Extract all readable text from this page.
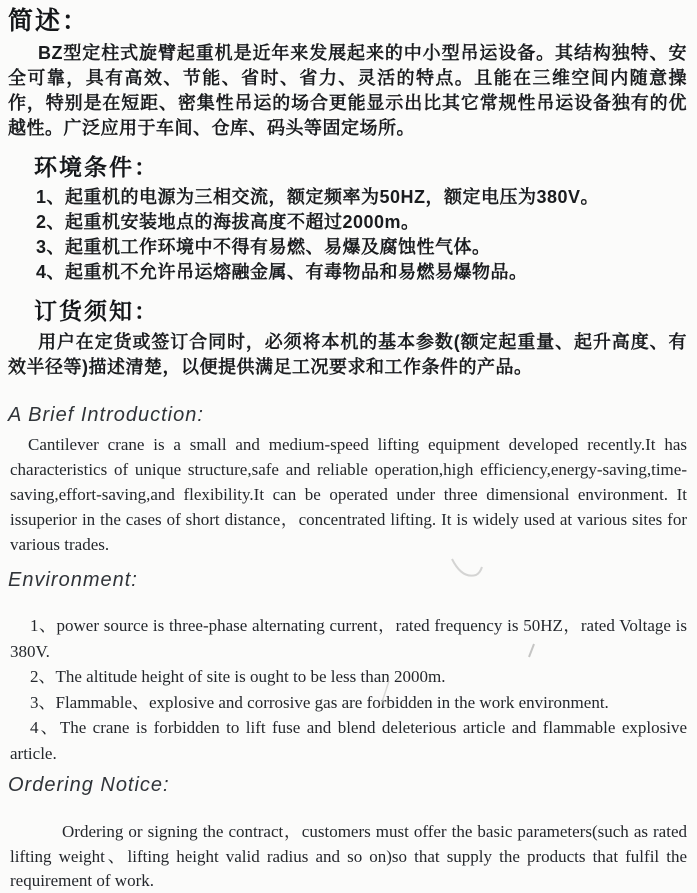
简述：

BZ型定柱式旋臂起重机是近年来发展起来的中小型吊运设备。其结构独特、安全可靠，具有高效、节能、省时、省力、灵活的特点。且能在三维空间内随意操作，特别是在短距、密集性吊运的场合更能显示出比其它常规性吊运设备独有的优越性。广泛应用于车间、仓库、码头等固定场所。

环境条件：

1、起重机的电源为三相交流，额定频率为50HZ，额定电压为380V。

2、起重机安装地点的海拔高度不超过2000m。

3、起重机工作环境中不得有易燃、易爆及腐蚀性气体。

4、起重机不允许吊运熔融金属、有毒物品和易燃易爆物品。

订货须知：

用户在定货或签订合同时，必须将本机的基本参数(额定起重量、起升高度、有效半径等)描述清楚，以便提供满足工况要求和工作条件的产品。

A Brief Introduction:

Cantilever crane is a small and medium-speed lifting equipment developed recently.It has characteristics of unique structure,safe and reliable operation,high efficiency,energy-saving,time-saving,effort-saving,and flexibility.It can be operated under three dimensional environment. It issuperior in the cases of short distance，concentrated lifting. It is widely used at various sites for various trades.

Environment:

1、power source is three-phase alternating current，rated frequency is 50HZ，rated Voltage is 380V.

2、The altitude height of site is ought to be less than 2000m.

3、Flammable、explosive and corrosive gas are forbidden in the work environment.

4、The crane is forbidden to lift fuse and blend deleterious article and flammable explosive article.

Ordering Notice:

Ordering or signing the contract，customers must offer the basic parameters(such as rated lifting weight、lifting height valid radius and so on)so that supply the products that fulfil the requirement of work.
